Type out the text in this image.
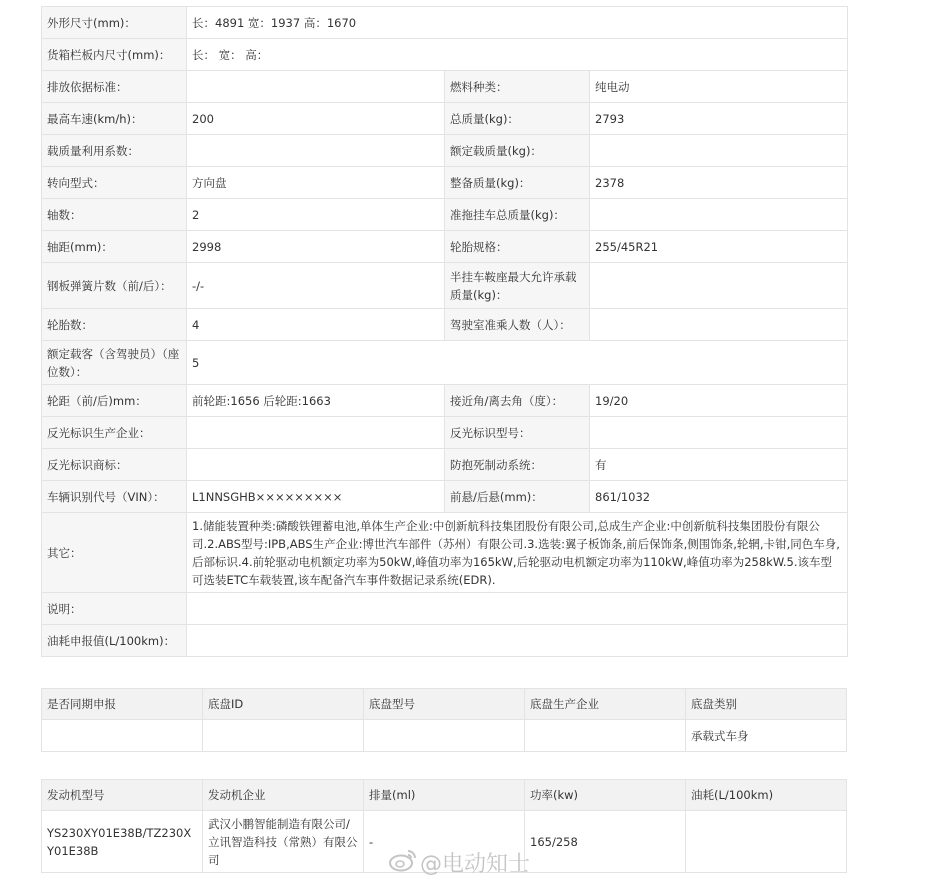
外形尺寸(mm)：	长：4891 宽：1937 高：1670		
货箱栏板内尺寸(mm)：	长： 宽： 高：		
排放依据标准：		燃料种类：	纯电动
最高车速(km/h)：	200	总质量(kg)：	2793
载质量利用系数：		额定载质量(kg)：	
转向型式：	方向盘	整备质量(kg)：	2378
轴数：	2	准拖挂车总质量(kg)：	
轴距(mm)：	2998	轮胎规格：	255/45R21
钢板弹簧片数（前/后）：	-/-	半挂车鞍座最大允许承载质量(kg)：	
轮胎数：	4	驾驶室准乘人数（人）：	
额定载客（含驾驶员）（座位数）：	5		
轮距（前/后)mm：	前轮距:1656 后轮距:1663	接近角/离去角（度）：	19/20
反光标识生产企业：		反光标识型号：	
反光标识商标：		防抱死制动系统：	有
车辆识别代号（VIN）：	L1NNSGHB×××××××××	前悬/后悬(mm)：	861/1032
其它：	1.储能装置种类:磷酸铁锂蓄电池,单体生产企业:中创新航科技集团股份有限公司,总成生产企业:中创新航科技集团股份有限公司.2.ABS型号:IPB,ABS生产企业:博世汽车部件（苏州）有限公司.3.选装:翼子板饰条,前后保饰条,侧围饰条,轮辋,卡钳,同色车身,后部标识.4.前轮驱动电机额定功率为50kW,峰值功率为165kW,后轮驱动电机额定功率为110kW,峰值功率为258kW.5.该车型可选装ETC车载装置,该车配备汽车事件数据记录系统(EDR).		
说明：			
油耗申报值(L/100km)：			
是否同期申报	底盘ID	底盘型号	底盘生产企业	底盘类别
				承载式车身
发动机型号	发动机企业	排量(ml)	功率(kw)	油耗(L/100km)
YS230XY01E38B/TZ230XY01E38B	武汉小鹏智能制造有限公司/立讯智造科技（常熟）有限公司	-	165/258	
@电动知士
